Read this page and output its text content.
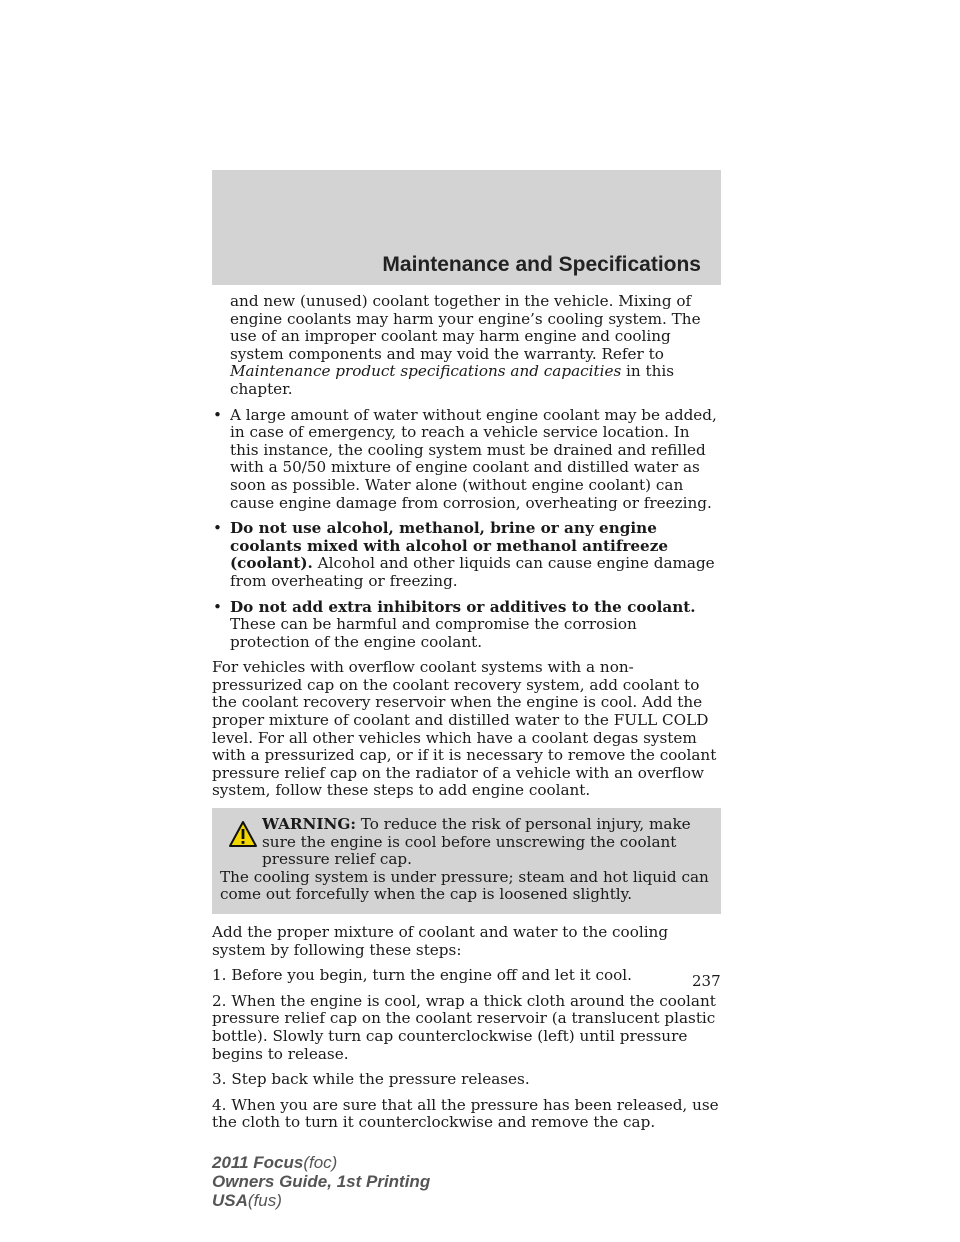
Maintenance and Specifications

and new (unused) coolant together in the vehicle. Mixing of engine coolants may harm your engine’s cooling system. The use of an improper coolant may harm engine and cooling system components and may void the warranty. Refer to Maintenance product specifications and capacities in this chapter.

• A large amount of water without engine coolant may be added, in case of emergency, to reach a vehicle service location. In this instance, the cooling system must be drained and refilled with a 50/50 mixture of engine coolant and distilled water as soon as possible. Water alone (without engine coolant) can cause engine damage from corrosion, overheating or freezing.
• Do not use alcohol, methanol, brine or any engine coolants mixed with alcohol or methanol antifreeze (coolant). Alcohol and other liquids can cause engine damage from overheating or freezing.
• Do not add extra inhibitors or additives to the coolant. These can be harmful and compromise the corrosion protection of the engine coolant.

For vehicles with overflow coolant systems with a non-pressurized cap on the coolant recovery system, add coolant to the coolant recovery reservoir when the engine is cool. Add the proper mixture of coolant and distilled water to the FULL COLD level. For all other vehicles which have a coolant degas system with a pressurized cap, or if it is necessary to remove the coolant pressure relief cap on the radiator of a vehicle with an overflow system, follow these steps to add engine coolant.

WARNING: To reduce the risk of personal injury, make sure the engine is cool before unscrewing the coolant pressure relief cap.
The cooling system is under pressure; steam and hot liquid can come out forcefully when the cap is loosened slightly.

Add the proper mixture of coolant and water to the cooling system by following these steps:

1. Before you begin, turn the engine off and let it cool.

2. When the engine is cool, wrap a thick cloth around the coolant pressure relief cap on the coolant reservoir (a translucent plastic bottle). Slowly turn cap counterclockwise (left) until pressure begins to release.

3. Step back while the pressure releases.

4. When you are sure that all the pressure has been released, use the cloth to turn it counterclockwise and remove the cap.

237

2011 Focus(foc)
Owners Guide, 1st Printing
USA(fus)
